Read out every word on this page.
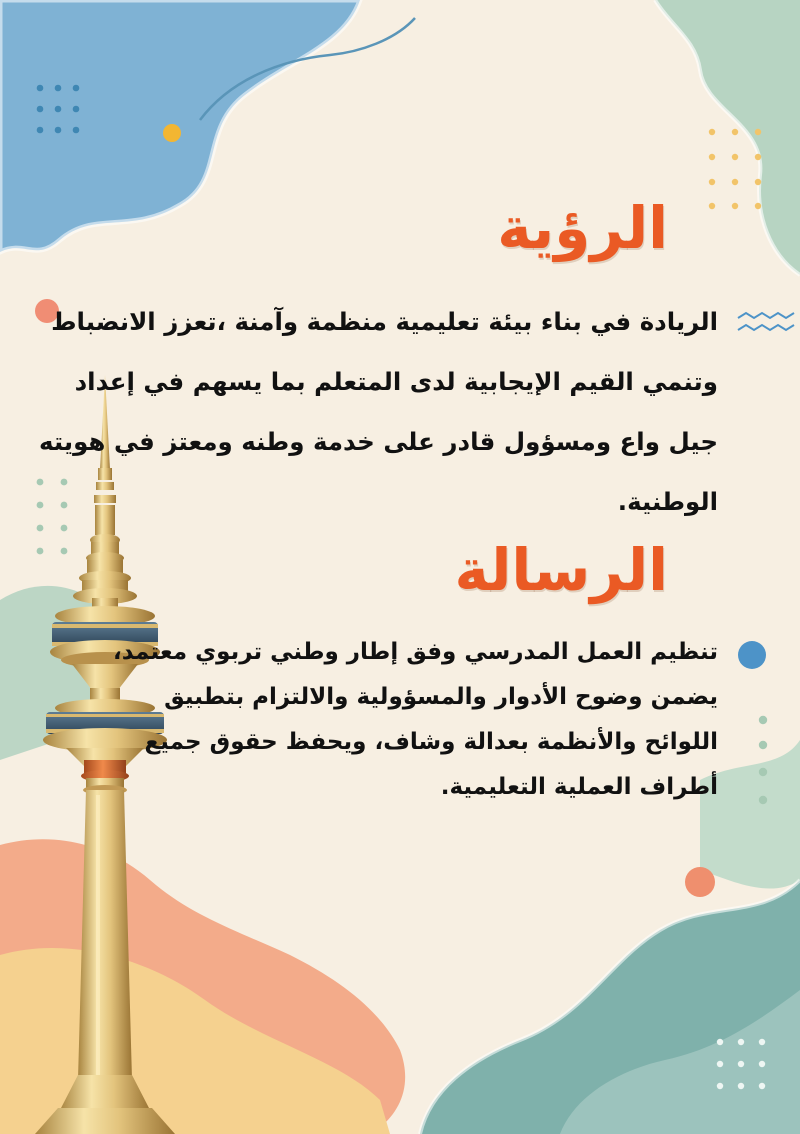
الرؤية
الريادة في بناء بيئة تعليمية منظمة وآمنة ،تعزز الانضباط
وتنمي القيم الإيجابية لدى المتعلم بما يسهم في إعداد
جيل واع ومسؤول قادر على خدمة وطنه ومعتز في هويته
الوطنية.
الرسالة
تنظيم العمل المدرسي وفق إطار وطني تربوي معتمد،
يضمن وضوح الأدوار والمسؤولية والالتزام بتطبيق
اللوائح والأنظمة بعدالة وشاف، ويحفظ حقوق جميع
أطراف العملية التعليمية.
